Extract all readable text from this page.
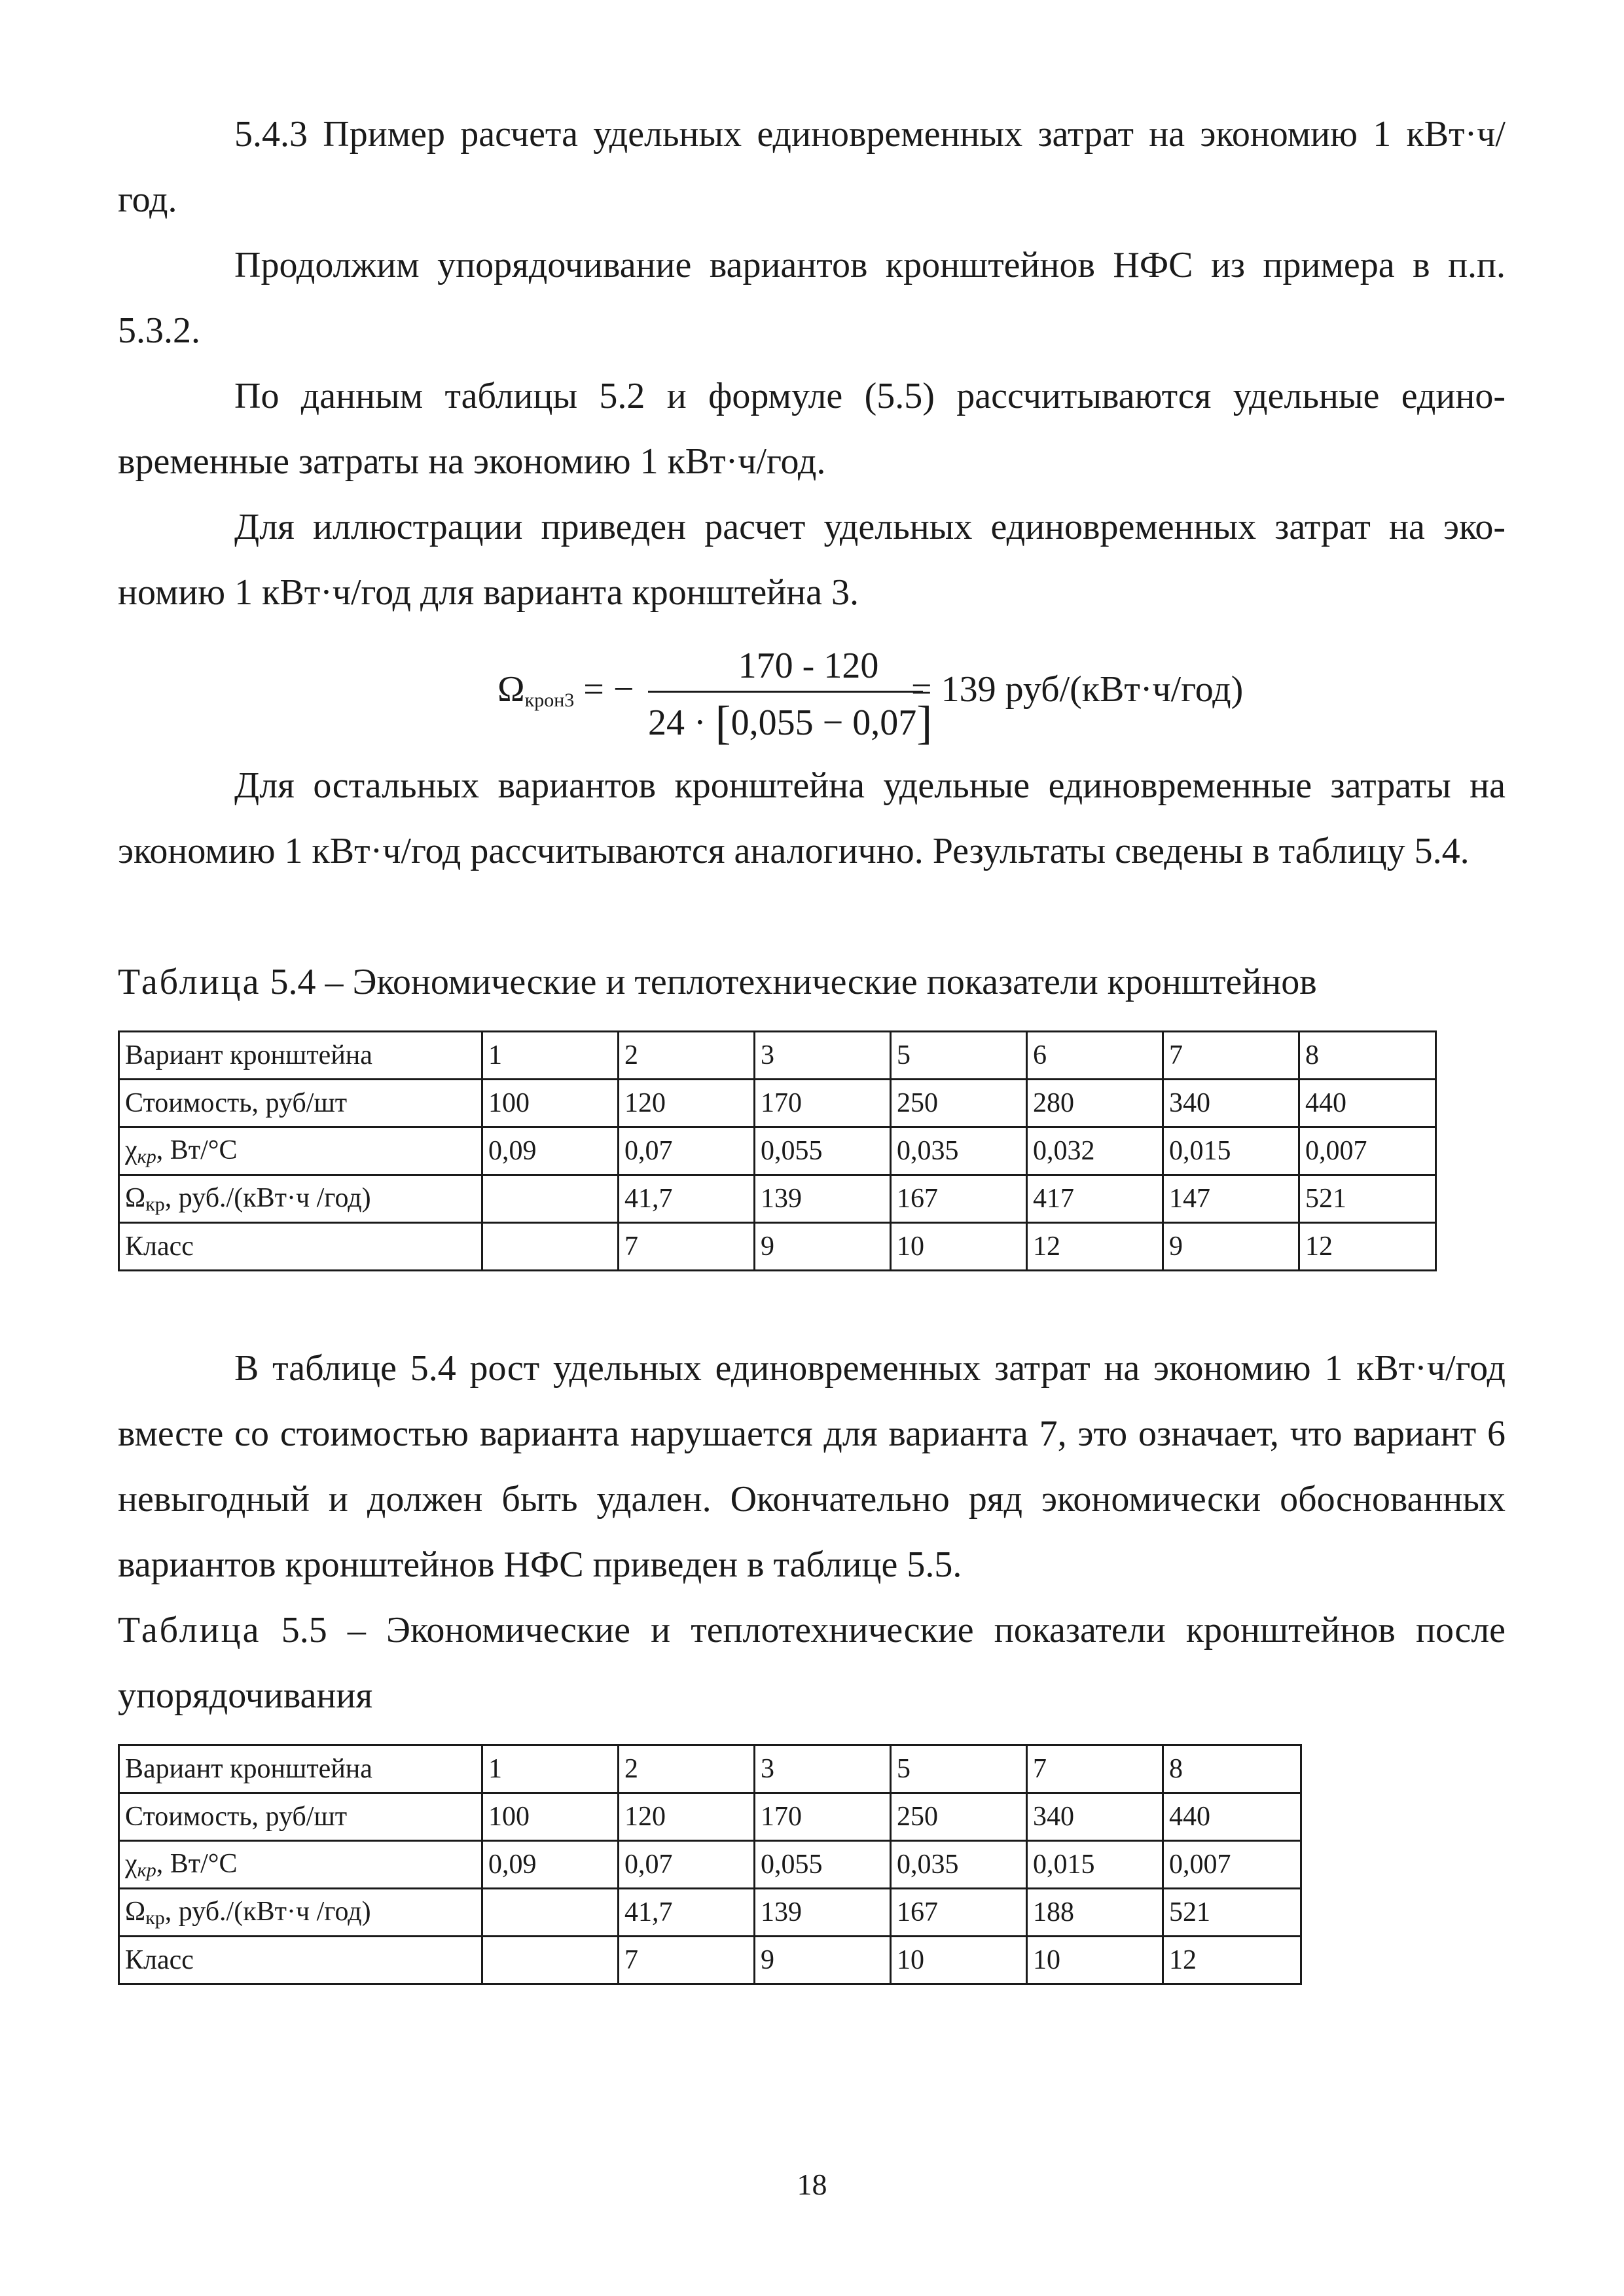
5.4.3 Пример расчета удельных единовременных затрат на экономию 1 кВт·ч/год.

Продолжим упорядочивание вариантов кронштейнов НФС из примера в п.п. 5.3.2.

По данным таблицы 5.2 и формуле (5.5) рассчитываются удельные едино-временные затраты на экономию 1 кВт·ч/год.

Для иллюстрации приведен расчет удельных единовременных затрат на эко-номию 1 кВт·ч/год для варианта кронштейна 3.

$\Omega_{крон3}$ = −
170 - 120
24 · [0,055 − 0,07]
= 139 руб/(кВт·ч/год)

Для остальных вариантов кронштейна удельные единовременные затраты на экономию 1 кВт·ч/год рассчитываются аналогично. Результаты сведены в таблицу 5.4.

Таблица 5.4 – Экономические и теплотехнические показатели кронштейнов

Вариант кронштейна	1	2	3	5	6	7	8
Стоимость, руб/шт	100	120	170	250	280	340	440
$\chi_{кр}$, Вт/°С	0,09	0,07	0,055	0,035	0,032	0,015	0,007
Ωкр, руб./(кВт·ч /год)		41,7	139	167	417	147	521
Класс		7	9	10	12	9	12

В таблице 5.4 рост удельных единовременных затрат на экономию 1 кВт·ч/год вместе со стоимостью варианта нарушается для варианта 7, это означает, что вариант 6 невыгодный и должен быть удален. Окончательно ряд экономически обоснованных вариантов кронштейнов НФС приведен в таблице 5.5.

Таблица 5.5 – Экономические и теплотехнические показатели кронштейнов после упорядочивания

Вариант кронштейна	1	2	3	5	7	8
Стоимость, руб/шт	100	120	170	250	340	440
$\chi_{кр}$, Вт/°С	0,09	0,07	0,055	0,035	0,015	0,007
Ωкр, руб./(кВт·ч /год)		41,7	139	167	188	521
Класс		7	9	10	10	12
18
